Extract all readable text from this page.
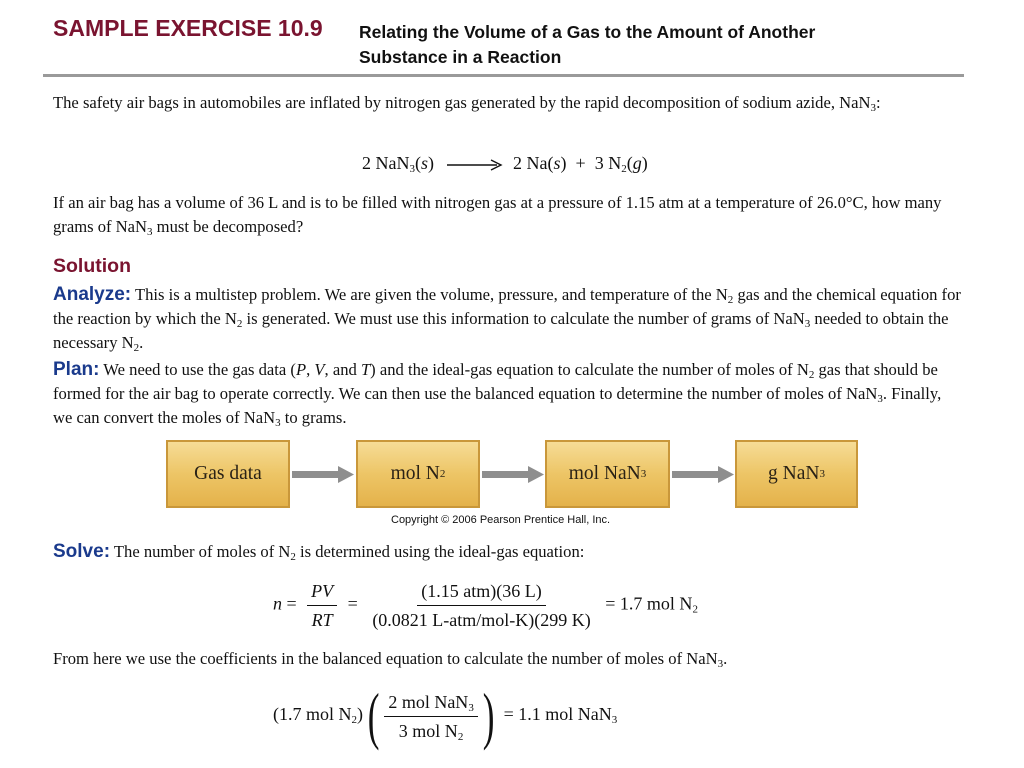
SAMPLE EXERCISE 10.9 Relating the Volume of a Gas to the Amount of Another
Substance in a Reaction
The safety air bags in automobiles are inflated by nitrogen gas generated by the rapid decomposition of sodium azide, NaN$_3$:
2 NaN$_3$(s) → 2 Na(s)  + 3 $N_2(g)$
If an air bag has a volume of 36 L and is to be filled with nitrogen gas at a pressure of 1.15 atm at a temperature of 26.0°C, how many grams of NaN$_3$ must be decomposed?
Solution
Analyze: This is a multistep problem. We are given the volume, pressure, and temperature of the $N_2$ gas and the chemical equation for the reaction by which the $N_2$ is generated. We must use this information to calculate the number of grams of NaN$_3$ needed to obtain the necessary $N_2$.
Plan: We need to use the gas data (P, V, and T) and the ideal-gas equation to calculate the number of moles of $N_2$ gas that should be formed for the air bag to operate correctly. We can then use the balanced equation to determine the number of moles of NaN$_3$. Finally, we can convert the moles of NaN$_3$ to grams.
Gas data	mol N 2	mol NaN 3	g NaN 3
Copyright © 2006 Pearson Prentice Hall, Inc.
Solve: The number of moles of $N_2$ is determined using the ideal-gas equation:
$n = \frac{PV}{RT} = \frac{\text{(1.15 atm)(36 L)}}{\text{(0.0821 L-atm/mol-K)(299 K)}} = 1.7$ mol $N_2$
From here we use the coefficients in the balanced equation to calculate the number of moles of NaN$_3$.
(1.7 mol $N_2)( \frac{2 mol NaN_3}{3 mol N_2}$ ) = 1.1 mol NaN$_3$
